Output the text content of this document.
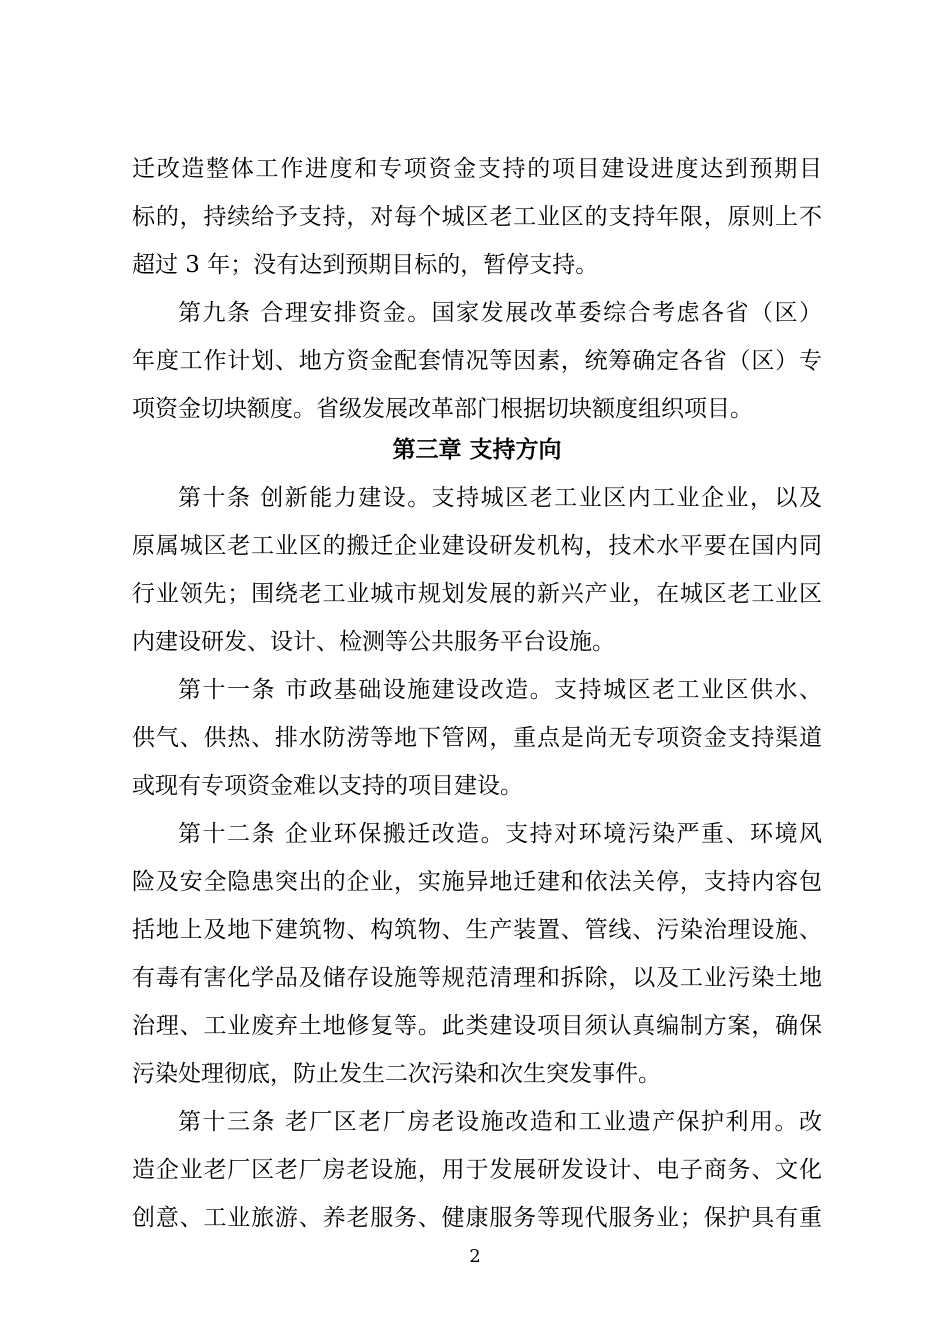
迁改造整体工作进度和专项资金支持的项目建设进度达到预期目
标的，持续给予支持，对每个城区老工业区的支持年限，原则上不
超过 3 年；没有达到预期目标的，暂停支持。
第九条 合理安排资金。国家发展改革委综合考虑各省（区）
年度工作计划、地方资金配套情况等因素，统筹确定各省（区）专
项资金切块额度。省级发展改革部门根据切块额度组织项目。
第三章 支持方向
第十条 创新能力建设。支持城区老工业区内工业企业，以及
原属城区老工业区的搬迁企业建设研发机构，技术水平要在国内同
行业领先；围绕老工业城市规划发展的新兴产业，在城区老工业区
内建设研发、设计、检测等公共服务平台设施。
第十一条 市政基础设施建设改造。支持城区老工业区供水、
供气、供热、排水防涝等地下管网，重点是尚无专项资金支持渠道
或现有专项资金难以支持的项目建设。
第十二条 企业环保搬迁改造。支持对环境污染严重、环境风
险及安全隐患突出的企业，实施异地迁建和依法关停，支持内容包
括地上及地下建筑物、构筑物、生产装置、管线、污染治理设施、
有毒有害化学品及储存设施等规范清理和拆除，以及工业污染土地
治理、工业废弃土地修复等。此类建设项目须认真编制方案，确保
污染处理彻底，防止发生二次污染和次生突发事件。
第十三条 老厂区老厂房老设施改造和工业遗产保护利用。改
造企业老厂区老厂房老设施，用于发展研发设计、电子商务、文化
创意、工业旅游、养老服务、健康服务等现代服务业；保护具有重
2
